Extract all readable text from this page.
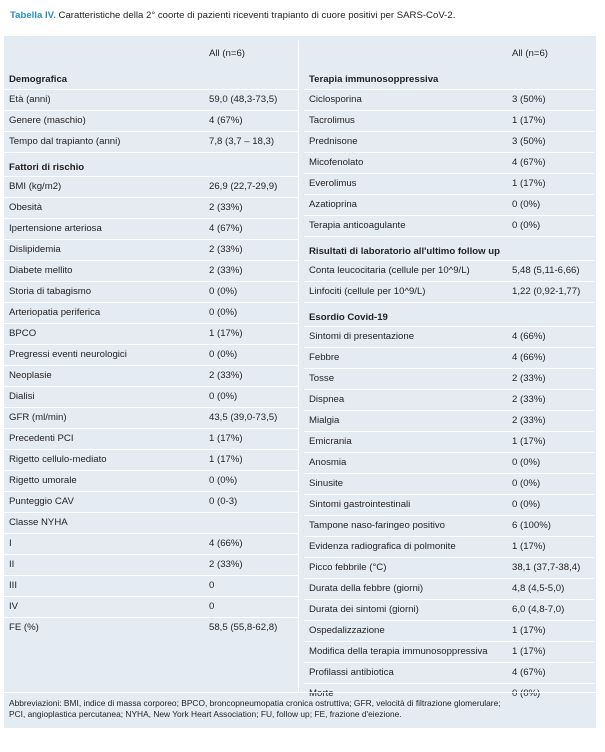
Tabella IV. Caratteristiche della 2° coorte di pazienti riceventi trapianto di cuore positivi per SARS-CoV-2.
All (n=6)
Demografica
Età (anni)	59,0 (48,3-73,5)
Genere (maschio)	4 (67%)
Tempo dal trapianto (anni)	7,8 (3,7 – 18,3)
Fattori di rischio
BMI (kg/m2)	26,9 (22,7-29,9)
Obesità	2 (33%)
Ipertensione arteriosa	4 (67%)
Dislipidemia	2 (33%)
Diabete mellito	2 (33%)
Storia di tabagismo	0 (0%)
Arteriopatia periferica	0 (0%)
BPCO	1 (17%)
Pregressi eventi neurologici	0 (0%)
Neoplasie	2 (33%)
Dialisi	0 (0%)
GFR (ml/min)	43,5 (39,0-73,5)
Precedenti PCI	1 (17%)
Rigetto cellulo-mediato	1 (17%)
Rigetto umorale	0 (0%)
Punteggio CAV	0 (0-3)
Classe NYHA
I	4 (66%)
II	2 (33%)
III	0
IV	0
FE (%)	58,5 (55,8-62,8)
All (n=6)
Terapia immunosoppressiva
Ciclosporina	3 (50%)
Tacrolimus	1 (17%)
Prednisone	3 (50%)
Micofenolato	4 (67%)
Everolimus	1 (17%)
Azatioprina	0 (0%)
Terapia anticoagulante	0 (0%)
Risultati di laboratorio all'ultimo follow up
Conta leucocitaria (cellule per 10^9/L)	5,48 (5,11-6,66)
Linfociti (cellule per 10^9/L)	1,22 (0,92-1,77)
Esordio Covid-19
Sintomi di presentazione	4 (66%)
Febbre	4 (66%)
Tosse	2 (33%)
Dispnea	2 (33%)
Mialgia	2 (33%)
Emicrania	1 (17%)
Anosmia	0 (0%)
Sinusite	0 (0%)
Sintomi gastrointestinali	0 (0%)
Tampone naso-faringeo positivo	6 (100%)
Evidenza radiografica di polmonite	1 (17%)
Picco febbrile (°C)	38,1 (37,7-38,4)
Durata della febbre (giorni)	4,8 (4,5-5,0)
Durata dei sintomi (giorni)	6,0 (4,8-7,0)
Ospedalizzazione	1 (17%)
Modifica della terapia immunosoppressiva	1 (17%)
Profilassi antibiotica	4 (67%)
Morte	0 (0%)
Abbreviazioni: BMI, indice di massa corporeo; BPCO, broncopneumopatia cronica ostruttiva; GFR, velocità di filtrazione glomerulare;
PCI, angioplastica percutanea; NYHA, New York Heart Association; FU, follow up; FE, frazione d'eiezione.
